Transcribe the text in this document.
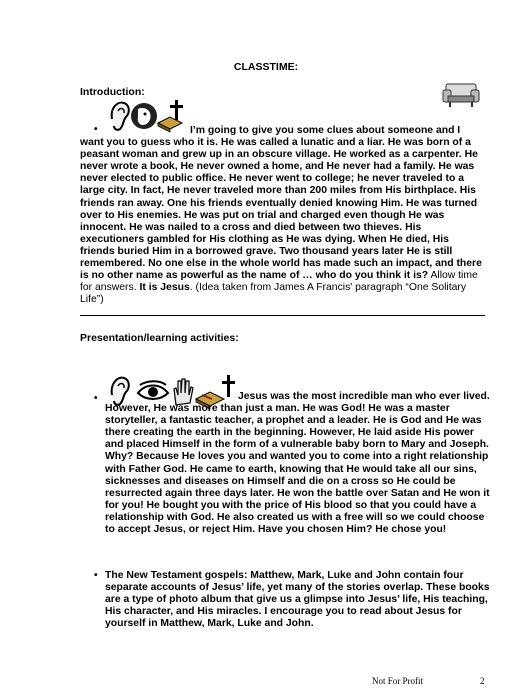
CLASSTIME:
Introduction:
•	I’m going to give you some clues about someone and I want you to guess who it is. He was called a lunatic and a liar. He was born of a peasant woman and grew up in an obscure village. He worked as a carpenter. He never wrote a book, He never owned a home, and He never had a family. He was never elected to public office. He never went to college; he never traveled to a large city. In fact, He never traveled more than 200 miles from His birthplace. His friends ran away. One his friends eventually denied knowing Him. He was turned over to His enemies. He was put on trial and charged even though He was innocent. He was nailed to a cross and died between two thieves. His executioners gambled for His clothing as He was dying. When He died, His friends buried Him in a borrowed grave. Two thousand years later He is still remembered. No one else in the whole world has made such an impact, and there is no other name as powerful as the name of … who do you think it is? Allow time for answers. It is Jesus. (Idea taken from James A Francis' paragraph “One Solitary Life”)
Presentation/learning activities:
•	Jesus was the most incredible man who ever lived. However, He was more than just a man. He was God! He was a master storyteller, a fantastic teacher, a prophet and a leader. He is God and He was there creating the earth in the beginning. However, He laid aside His power and placed Himself in the form of a vulnerable baby born to Mary and Joseph. Why? Because He loves you and wanted you to come into a right relationship with Father God. He came to earth, knowing that He would take all our sins, sicknesses and diseases on Himself and die on a cross so He could be resurrected again three days later. He won the battle over Satan and He won it for you! He bought you with the price of His blood so that you could have a relationship with God. He also created us with a free will so we could choose to accept Jesus, or reject Him. Have you chosen Him? He chose you!
• The New Testament gospels: Matthew, Mark, Luke and John contain four separate accounts of Jesus’ life, yet many of the stories overlap. These books are a type of photo album that give us a glimpse into Jesus’ life, His teaching, His character, and His miracles. I encourage you to read about Jesus for yourself in Matthew, Mark, Luke and John.
Not For Profit	2
